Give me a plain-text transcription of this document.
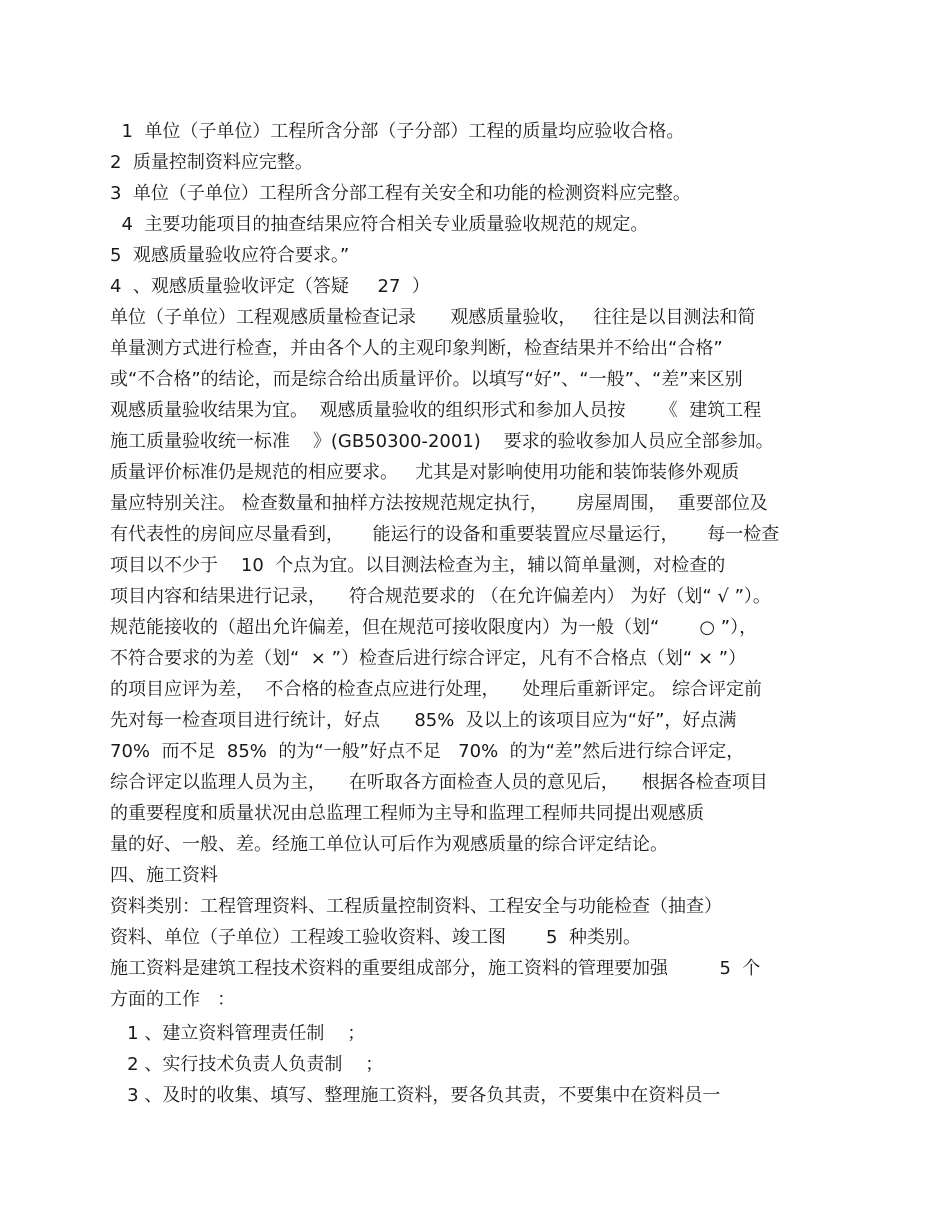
1  单位（子单位）工程所含分部（子分部）工程的质量均应验收合格。
2  质量控制资料应完整。
3  单位（子单位）工程所含分部工程有关安全和功能的检测资料应完整。
4  主要功能项目的抽查结果应符合相关专业质量验收规范的规定。
5  观感质量验收应符合要求。”
4  、观感质量验收评定（答疑     27  ）
单位（子单位）工程观感质量检查记录      观感质量验收，   往往是以目测法和简
单量测方式进行检查，并由各个人的主观印象判断，检查结果并不给出“合格”
或“不合格”的结论，而是综合给出质量评价。以填写“好”、“一般”、“差”来区别
观感质量验收结果为宜。  观感质量验收的组织形式和参加人员按      《  建筑工程
施工质量验收统一标准    》(GB50300-2001)    要求的验收参加人员应全部参加。
质量评价标准仍是规范的相应要求。   尤其是对影响使用功能和装饰装修外观质
量应特别关注。 检查数量和抽样方法按规范规定执行，     房屋周围，  重要部位及
有代表性的房间应尽量看到，     能运行的设备和重要装置应尽量运行，     每一检查
项目以不少于    10  个点为宜。以目测法检查为主，辅以简单量测，对检查的
项目内容和结果进行记录，    符合规范要求的 （在允许偏差内） 为好（划“ √ ”）。
规范能接收的（超出允许偏差，但在规范可接收限度内）为一般（划“       ○ ”），
不符合要求的为差（划“  × ”）检查后进行综合评定，凡有不合格点（划“ × ”）
的项目应评为差，  不合格的检查点应进行处理，    处理后重新评定。 综合评定前
先对每一检查项目进行统计，好点      85%  及以上的该项目应为“好”，好点满
70%  而不足  85%  的为“一般”好点不足   70%  的为“差”然后进行综合评定，
综合评定以监理人员为主，    在听取各方面检查人员的意见后，    根据各检查项目
的重要程度和质量状况由总监理工程师为主导和监理工程师共同提出观感质
量的好、一般、差。经施工单位认可后作为观感质量的综合评定结论。
四、施工资料
资料类别：工程管理资料、工程质量控制资料、工程安全与功能检查（抽查）
资料、单位（子单位）工程竣工验收资料、竣工图       5  种类别。
施工资料是建筑工程技术资料的重要组成部分，施工资料的管理要加强         5  个
方面的工作   ：
1 、建立资料管理责任制    ；
2 、实行技术负责人负责制    ；
3 、及时的收集、填写、整理施工资料，要各负其责，不要集中在资料员一
